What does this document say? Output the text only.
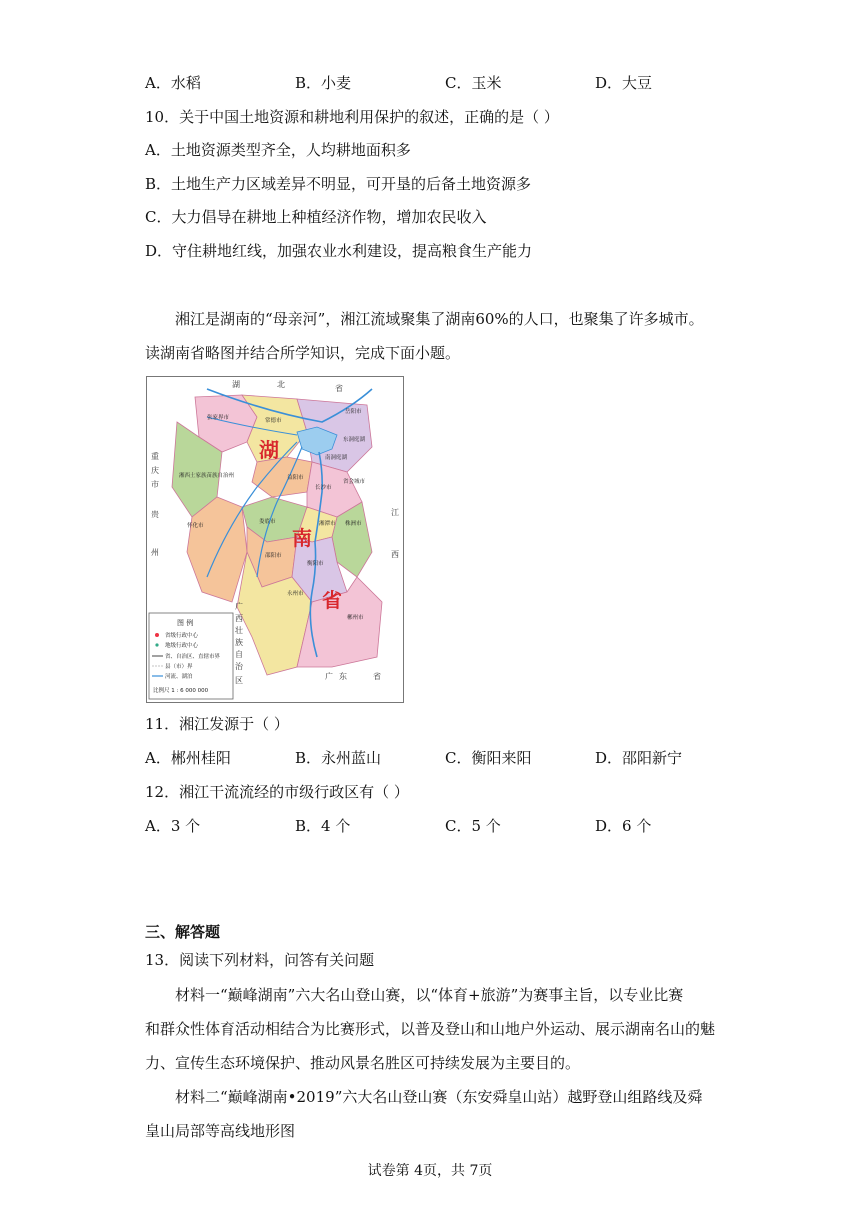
A．水稻	B．小麦	C．玉米	D．大豆
10．关于中国土地资源和耕地利用保护的叙述，正确的是（ ）
A．土地资源类型齐全，人均耕地面积多
B．土地生产力区域差异不明显，可开垦的后备土地资源多
C．大力倡导在耕地上种植经济作物，增加农民收入
D．守住耕地红线，加强农业水利建设，提高粮食生产能力
湘江是湖南的“母亲河”，湘江流域聚集了湖南60%的人口，也聚集了许多城市。
读湖南省略图并结合所学知识，完成下面小题。
湖
南
省
湖	北	省
重
庆
市
贵
州
江
西
广
西
壮
族
自
治
区	广 东	省
岳阳市
常德市
张家界市
湘西土家族苗族自治州	益阳市
长沙市
省会城市
湘潭市 株洲市
娄底市
怀化市
邵阳市
衡阳市
永州市
郴州市
东洞庭湖
南洞庭湖
图 例
省级行政中心
地级行政中心
省、自治区、直辖市界
县（市）界
河流、湖泊
比例尺 1 : 6 000 000
11．湘江发源于（ ）
A．郴州桂阳	B．永州蓝山	C．衡阳来阳	D．邵阳新宁
12．湘江干流流经的市级行政区有（ ）
A．3 个	B．4 个	C．5 个	D．6 个
三、解答题
13．阅读下列材料，问答有关问题
材料一“巅峰湖南”六大名山登山赛，以“体育+旅游”为赛事主旨，以专业比赛
和群众性体育活动相结合为比赛形式，以普及登山和山地户外运动、展示湖南名山的魅
力、宣传生态环境保护、推动风景名胜区可持续发展为主要目的。
材料二“巅峰湖南•2019”六大名山登山赛（东安舜皇山站）越野登山组路线及舜
皇山局部等高线地形图
试卷第 4页，共 7页
